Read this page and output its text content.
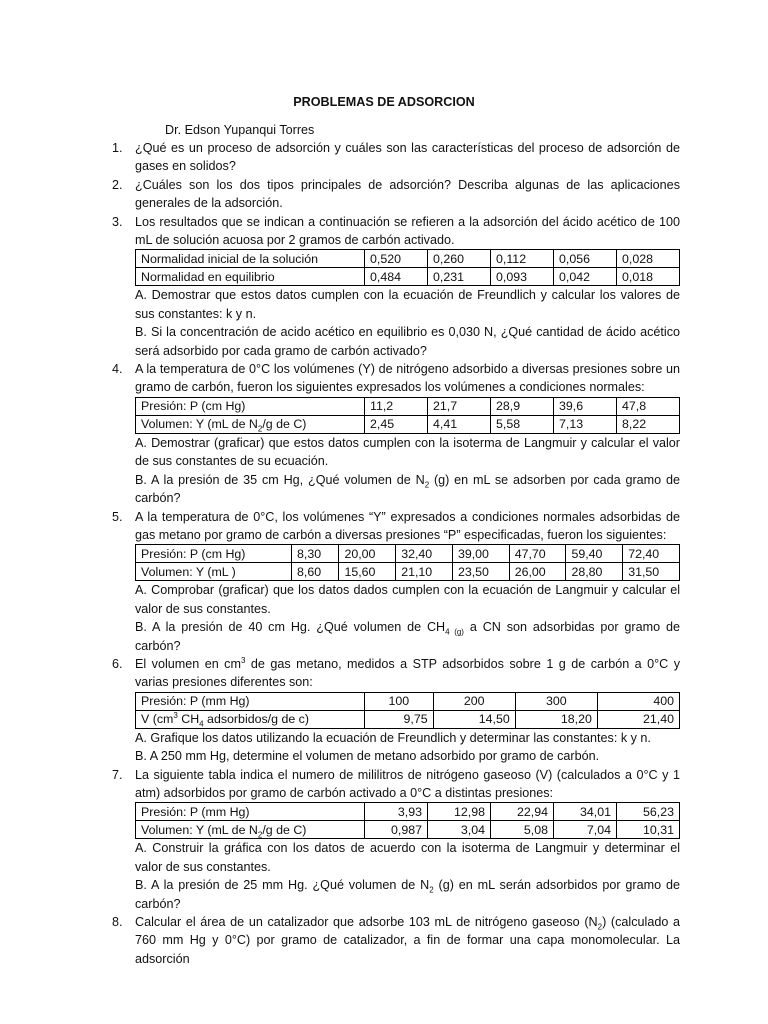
PROBLEMAS DE ADSORCION
Dr. Edson Yupanqui Torres
1. ¿Qué es un proceso de adsorción y cuáles son las características del proceso de adsorción de gases en solidos?

2. ¿Cuáles son los dos tipos principales de adsorción? Describa algunas de las aplicaciones generales de la adsorción.

3. Los resultados que se indican a continuación se refieren a la adsorción del ácido acético de 100 mL de solución acuosa por 2 gramos de carbón activado.

Normalidad inicial de la solución	0,520	0,260	0,112	0,056	0,028
Normalidad en equilibrio	0,484	0,231	0,093	0,042	0,018

A. Demostrar que estos datos cumplen con la ecuación de Freundlich y calcular los valores de sus constantes: k y n.

B. Si la concentración de acido acético en equilibrio es 0,030 N, ¿Qué cantidad de ácido acético será adsorbido por cada gramo de carbón activado?

4. A la temperatura de 0°C los volúmenes (Y) de nitrógeno adsorbido a diversas presiones sobre un gramo de carbón, fueron los siguientes expresados los volúmenes a condiciones normales:

Presión: P (cm Hg)	11,2	21,7	28,9	39,6	47,8
Volumen: Y (mL de $N_2/g$ de C)	2,45	4,41	5,58	7,13	8,22

A. Demostrar (graficar) que estos datos cumplen con la isoterma de Langmuir y calcular el valor de sus constantes de su ecuación.

B. A la presión de 35 cm Hg, ¿Qué volumen de $N_2$ (g) en mL se adsorben por cada gramo de carbón?

5. A la temperatura de 0°C, los volúmenes “Y” expresados a condiciones normales adsorbidas de gas metano por gramo de carbón a diversas presiones “P” especificadas, fueron los siguientes:

Presión: P (cm Hg)	8,30	20,00	32,40	39,00	47,70	59,40	72,40
Volumen: Y (mL )	8,60	15,60	21,10	23,50	26,00	28,80	31,50

A. Comprobar (graficar) que los datos dados cumplen con la ecuación de Langmuir y calcular el valor de sus constantes.

B. A la presión de 40 cm Hg. ¿Qué volumen de $CH_{4 (g)}$ a CN son adsorbidas por gramo de carbón?

6. El volumen en $cm^3$ de gas metano, medidos a STP adsorbidos sobre 1 g de carbón a 0°C y varias presiones diferentes son:

Presión: P (mm Hg)	100	200	300	400
V ($cm^3$ $CH_4$ adsorbidos/g de c)	9,75	14,50	18,20	21,40

A. Grafique los datos utilizando la ecuación de Freundlich y determinar las constantes: k y n.

B. A 250 mm Hg, determine el volumen de metano adsorbido por gramo de carbón.

7. La siguiente tabla indica el numero de mililitros de nitrógeno gaseoso (V) (calculados a 0°C y 1 atm) adsorbidos por gramo de carbón activado a 0°C a distintas presiones:

Presión: P (mm Hg)	3,93	12,98	22,94	34,01	56,23
Volumen: Y (mL de $N_2/g$ de C)	0,987	3,04	5,08	7,04	10,31

A. Construir la gráfica con los datos de acuerdo con la isoterma de Langmuir y determinar el valor de sus constantes.

B. A la presión de 25 mm Hg. ¿Qué volumen de $N_2$ (g) en mL serán adsorbidos por gramo de carbón?

8. Calcular el área de un catalizador que adsorbe 103 mL de nitrógeno gaseoso $(N_2)$ (calculado a 760 mm Hg y 0°C) por gramo de catalizador, a fin de formar una capa monomolecular. La adsorción
